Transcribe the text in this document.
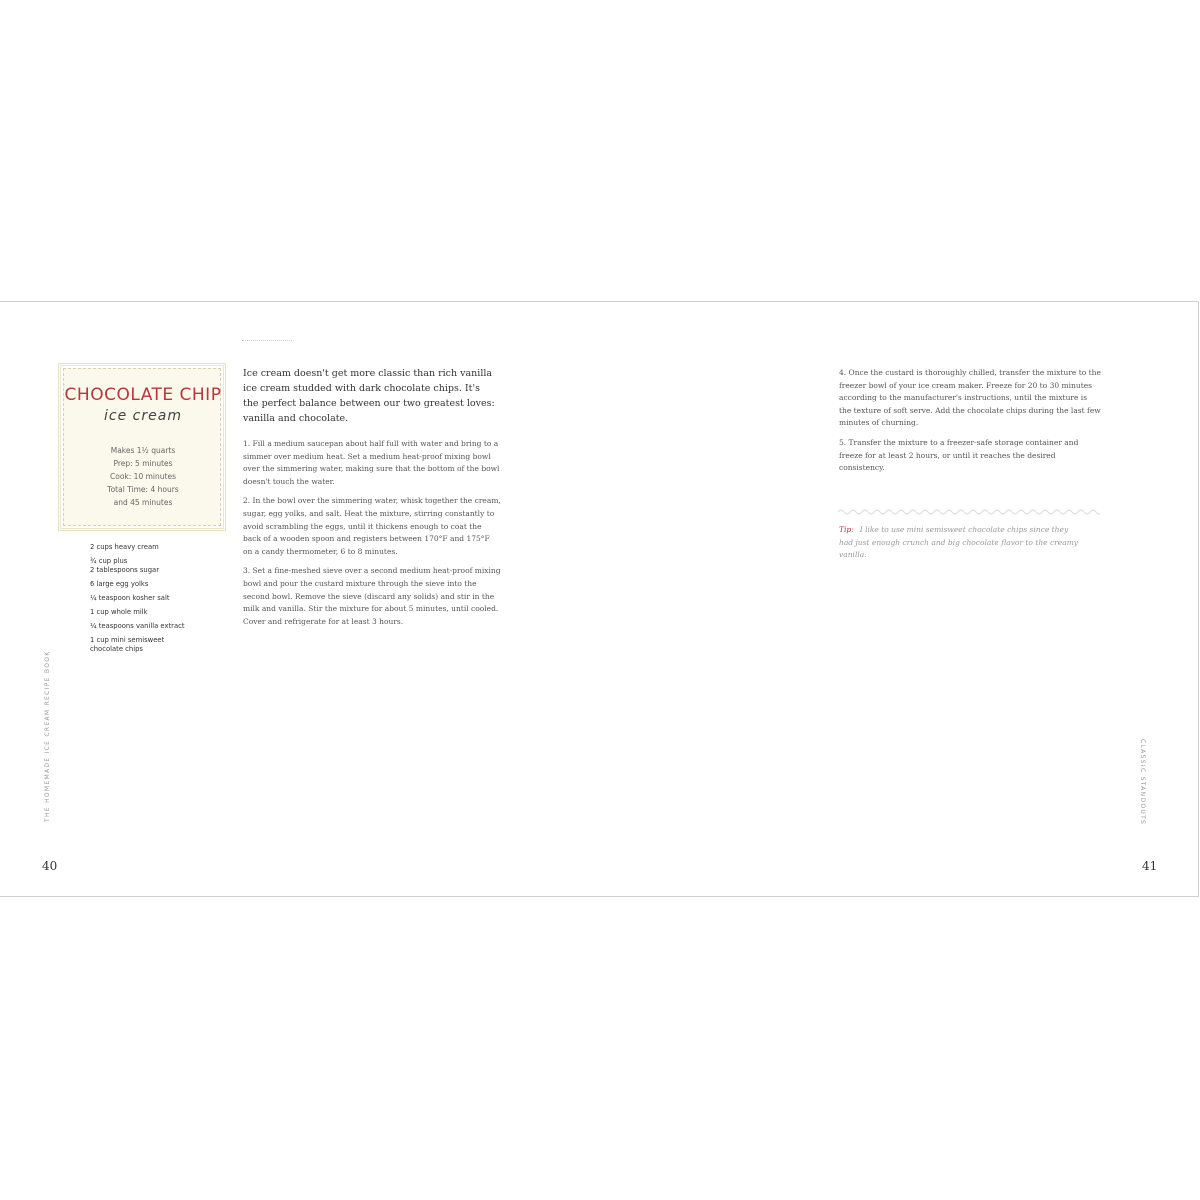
CHOCOLATE CHIP
ice cream
Makes 1½ quarts
Prep: 5 minutes
Cook: 10 minutes
Total Time: 4 hours
and 45 minutes
2 cups heavy cream
¾ cup plus
2 tablespoons sugar
6 large egg yolks
¼ teaspoon kosher salt
1 cup whole milk
¼ teaspoons vanilla extract
1 cup mini semisweet
chocolate chips
THE HOMEMADE ICE CREAM RECIPE BOOK
40
Ice cream doesn't get more classic than rich vanilla ice cream studded with dark chocolate chips. It's the perfect balance between our two greatest loves: vanilla and chocolate.
1. Fill a medium saucepan about half full with water and bring to a simmer over medium heat. Set a medium heat-proof mixing bowl over the simmering water, making sure that the bottom of the bowl doesn't touch the water.
2. In the bowl over the simmering water, whisk together the cream, sugar, egg yolks, and salt. Heat the mixture, stirring constantly to avoid scrambling the eggs, until it thickens enough to coat the back of a wooden spoon and registers between 170°F and 175°F on a candy thermometer, 6 to 8 minutes.
3. Set a fine-meshed sieve over a second medium heat-proof mixing bowl and pour the custard mixture through the sieve into the second bowl. Remove the sieve (discard any solids) and stir in the milk and vanilla. Stir the mixture for about 5 minutes, until cooled. Cover and refrigerate for at least 3 hours.
4. Once the custard is thoroughly chilled, transfer the mixture to the freezer bowl of your ice cream maker. Freeze for 20 to 30 minutes according to the manufacturer's instructions, until the mixture is the texture of soft serve. Add the chocolate chips during the last few minutes of churning.
5. Transfer the mixture to a freezer-safe storage container and freeze for at least 2 hours, or until it reaches the desired consistency.
Tip: I like to use mini semisweet chocolate chips since they had just enough crunch and big chocolate flavor to the creamy vanilla.
CLASSIC STANDOUTS
41
